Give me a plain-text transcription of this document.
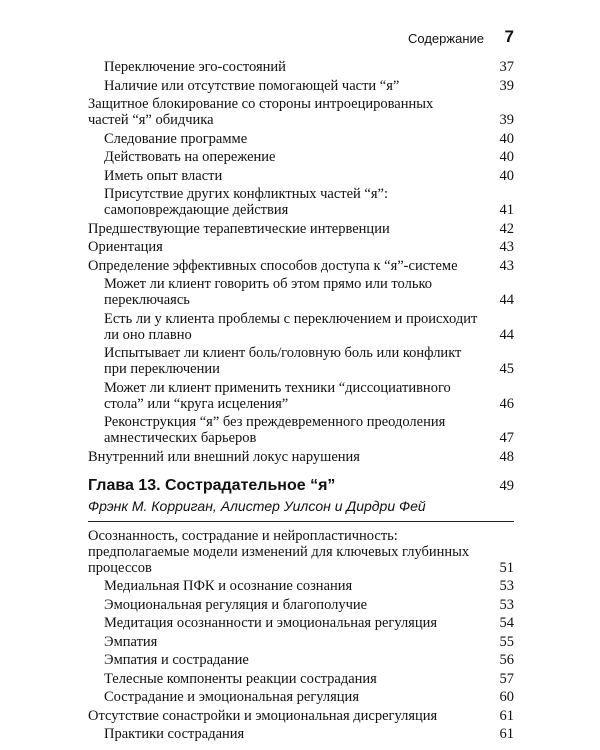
Содержание 7
Переключение эго-состояний	37
Наличие или отсутствие помогающей части “я”	39
Защитное блокирование со стороны интроецированных частей “я” обидчика	39
Следование программе	40
Действовать на опережение	40
Иметь опыт власти	40
Присутствие других конфликтных частей “я”: самоповреждающие действия	41
Предшествующие терапевтические интервенции	42
Ориентация	43
Определение эффективных способов доступа к “я”-системе	43
Может ли клиент говорить об этом прямо или только переключаясь	44
Есть ли у клиента проблемы с переключением и происходит ли оно плавно	44
Испытывает ли клиент боль/головную боль или конфликт при переключении	45
Может ли клиент применить техники “диссоциативного стола” или “круга исцеления”	46
Реконструкция “я” без преждевременного преодоления амнестических барьеров	47
Внутренний или внешний локус нарушения	48
Глава 13. Сострадательное “я”	49
Фрэнк М. Корриган, Алистер Уилсон и Дирдри Фей
Осознанность, сострадание и нейропластичность: предполагаемые модели изменений для ключевых глубинных процессов	51
Медиальная ПФК и осознание сознания	53
Эмоциональная регуляция и благополучие	53
Медитация осознанности и эмоциональная регуляция	54
Эмпатия	55
Эмпатия и сострадание	56
Телесные компоненты реакции сострадания	57
Сострадание и эмоциональная регуляция	60
Отсутствие сонастройки и эмоциональная дисрегуляция	61
Практики сострадания	61
